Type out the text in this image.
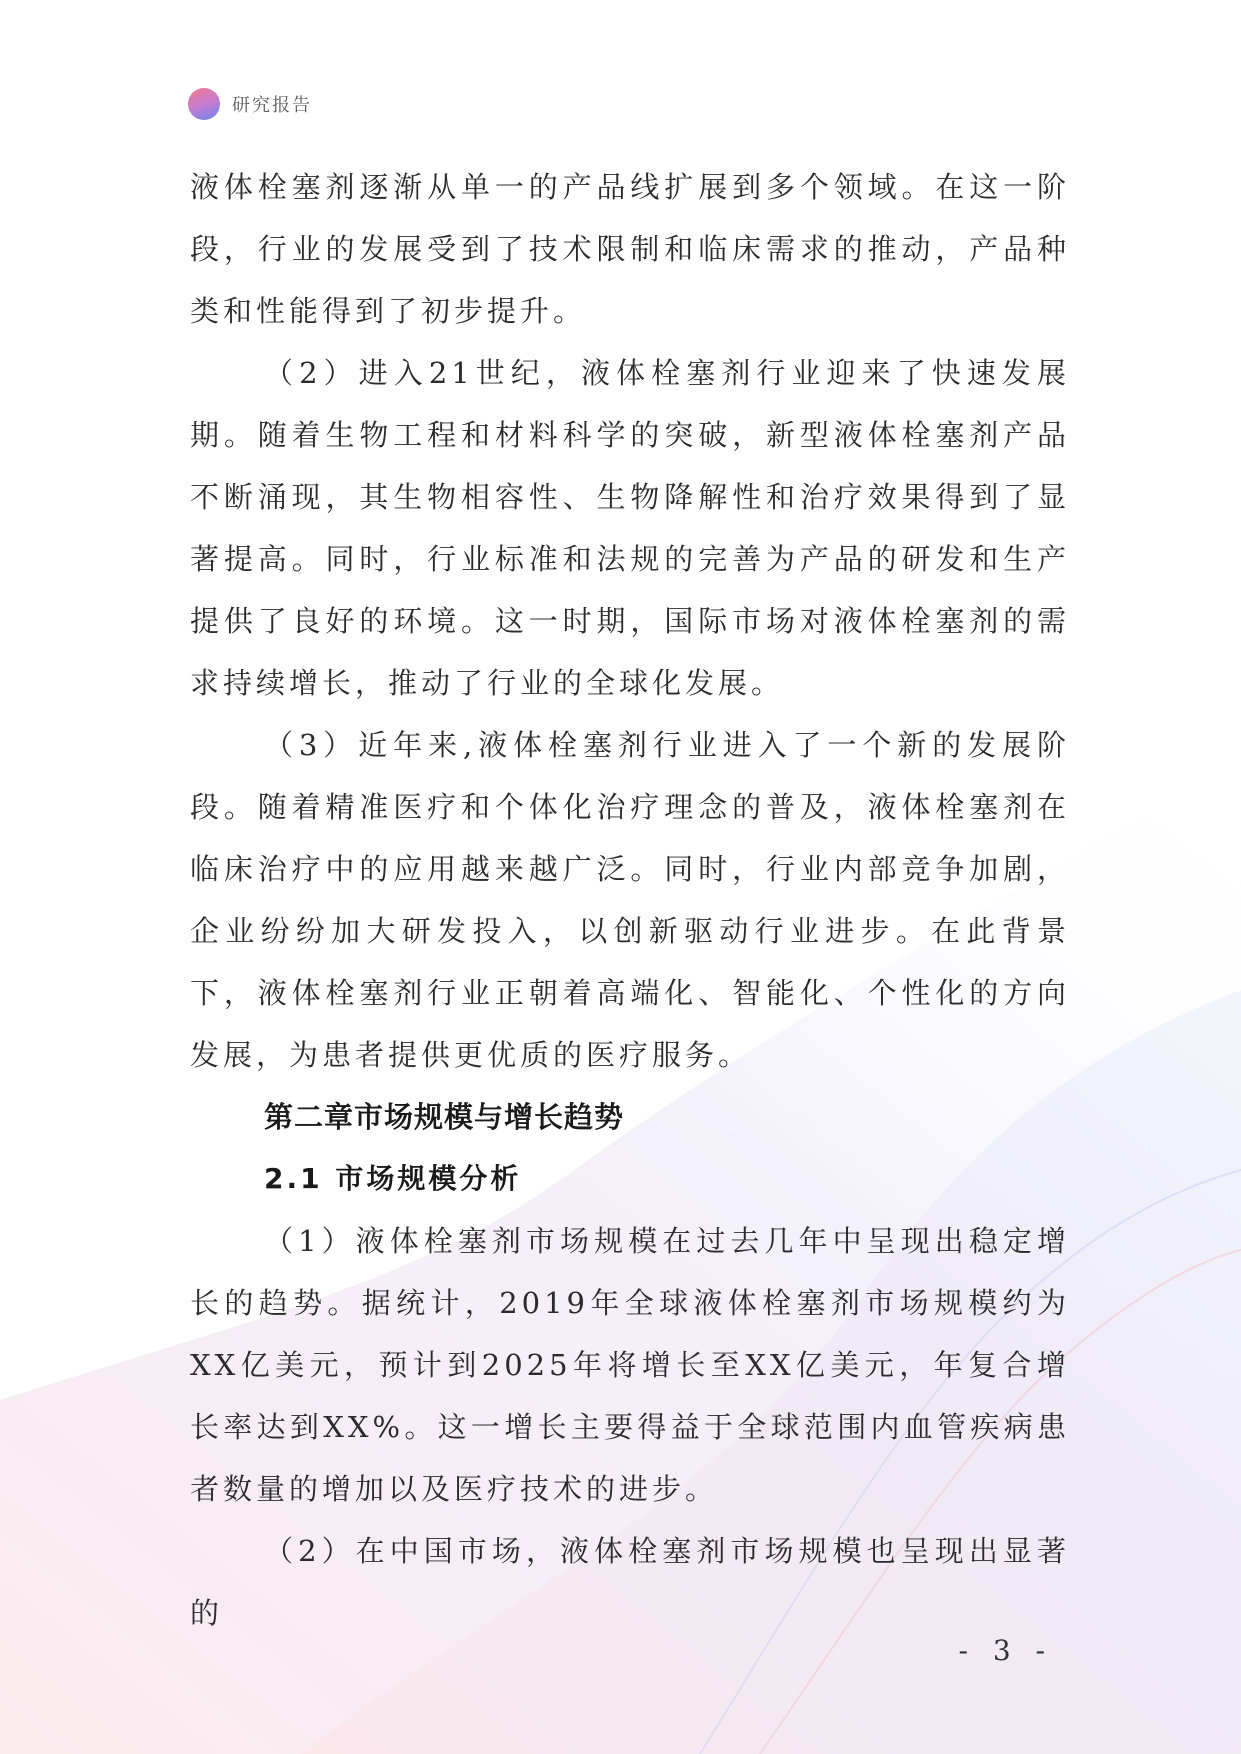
研究报告

液体栓塞剂逐渐从单一的产品线扩展到多个领域。在这一阶段，行业的发展受到了技术限制和临床需求的推动，产品种类和性能得到了初步提升。

（2）进入21世纪，液体栓塞剂行业迎来了快速发展期。随着生物工程和材料科学的突破，新型液体栓塞剂产品不断涌现，其生物相容性、生物降解性和治疗效果得到了显著提高。同时，行业标准和法规的完善为产品的研发和生产提供了良好的环境。这一时期，国际市场对液体栓塞剂的需求持续增长，推动了行业的全球化发展。

（3）近年来,液体栓塞剂行业进入了一个新的发展阶段。随着精准医疗和个体化治疗理念的普及，液体栓塞剂在临床治疗中的应用越来越广泛。同时，行业内部竞争加剧，企业纷纷加大研发投入，以创新驱动行业进步。在此背景下，液体栓塞剂行业正朝着高端化、智能化、个性化的方向发展，为患者提供更优质的医疗服务。

第二章市场规模与增长趋势
2.1 市场规模分析

（1）液体栓塞剂市场规模在过去几年中呈现出稳定增长的趋势。据统计，2019年全球液体栓塞剂市场规模约为XX亿美元，预计到2025年将增长至XX亿美元，年复合增长率达到XX%。这一增长主要得益于全球范围内血管疾病患者数量的增加以及医疗技术的进步。

（2）在中国市场，液体栓塞剂市场规模也呈现出显著的

- 3 -
